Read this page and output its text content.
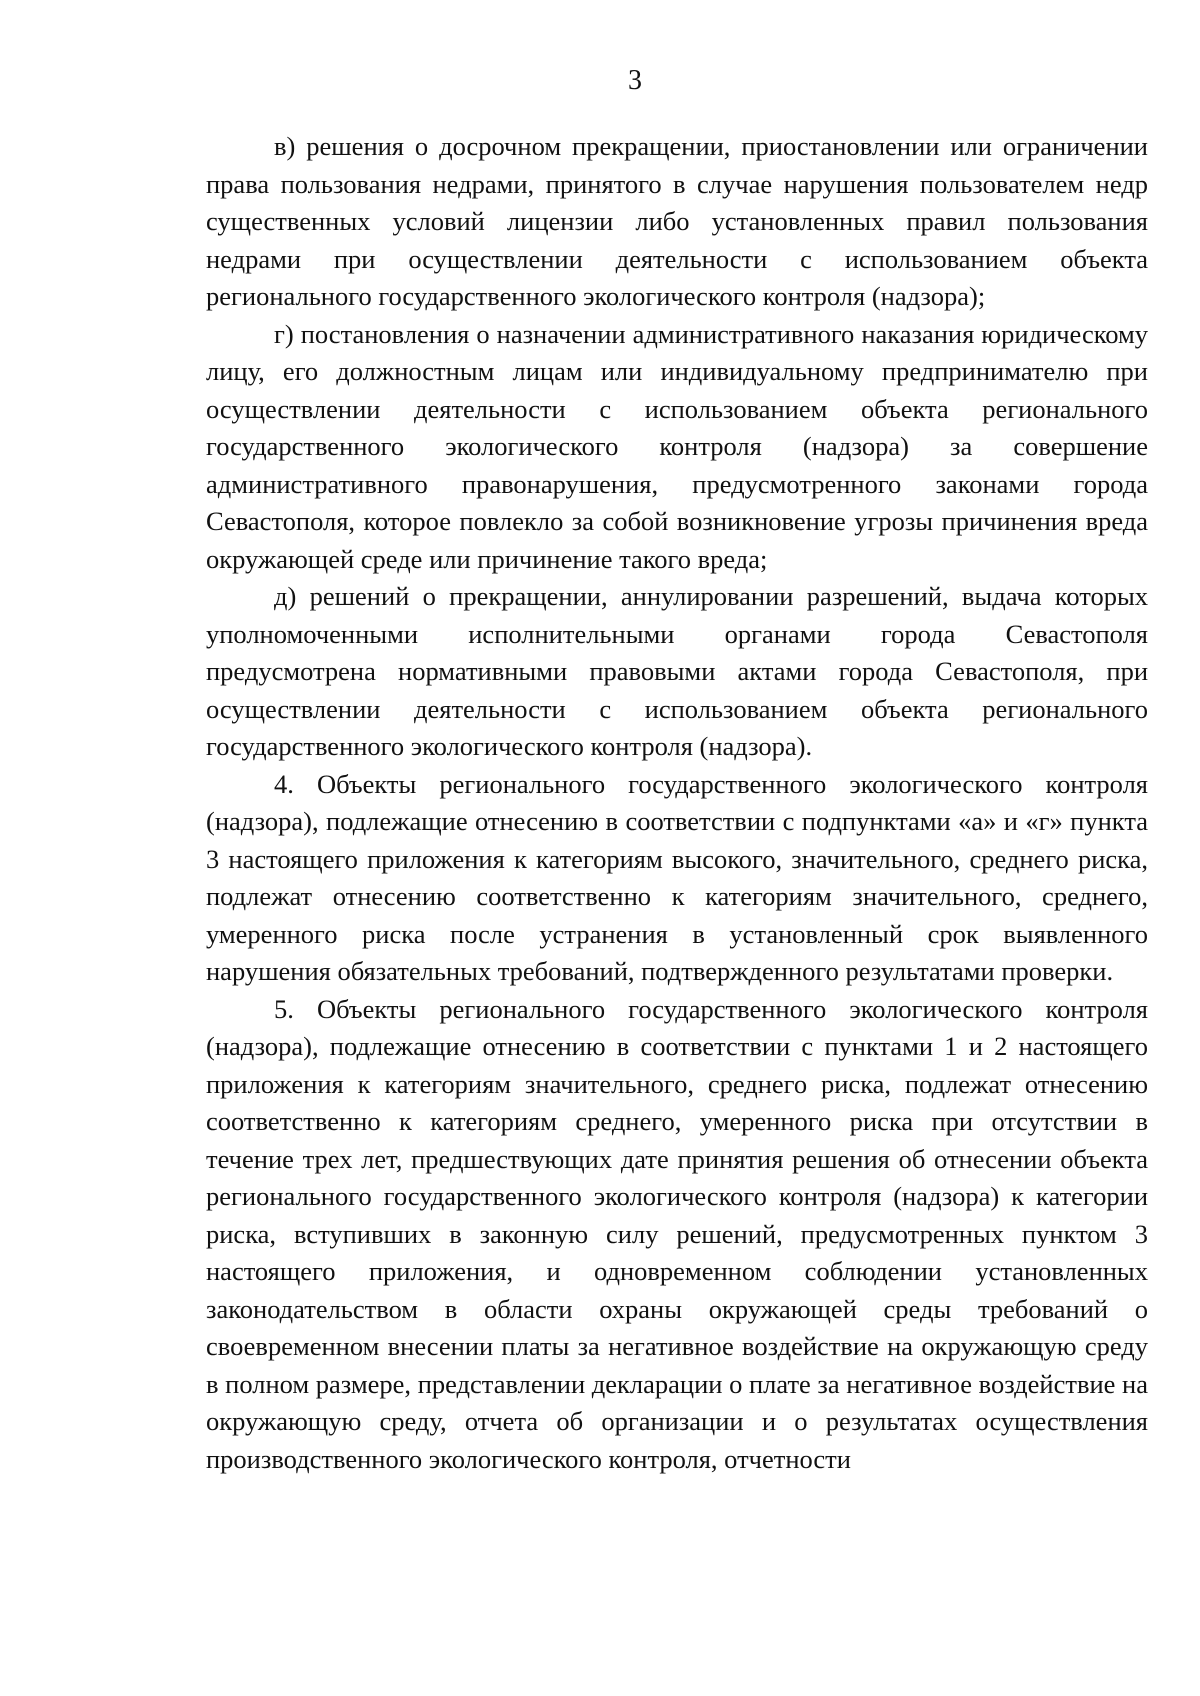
3

в) решения о досрочном прекращении, приостановлении или ограничении права пользования недрами, принятого в случае нарушения пользователем недр существенных условий лицензии либо установленных правил пользования недрами при осуществлении деятельности с использованием объекта регионального государственного экологического контроля (надзора);

г) постановления о назначении административного наказания юридическому лицу, его должностным лицам или индивидуальному предпринимателю при осуществлении деятельности с использованием объекта регионального государственного экологического контроля (надзора) за совершение административного правонарушения, предусмотренного законами города Севастополя, которое повлекло за собой возникновение угрозы причинения вреда окружающей среде или причинение такого вреда;

д) решений о прекращении, аннулировании разрешений, выдача которых уполномоченными исполнительными органами города Севастополя предусмотрена нормативными правовыми актами города Севастополя, при осуществлении деятельности с использованием объекта регионального государственного экологического контроля (надзора).

4. Объекты регионального государственного экологического контроля (надзора), подлежащие отнесению в соответствии с подпунктами «а» и «г» пункта 3 настоящего приложения к категориям высокого, значительного, среднего риска, подлежат отнесению соответственно к категориям значительного, среднего, умеренного риска после устранения в установленный срок выявленного нарушения обязательных требований, подтвержденного результатами проверки.

5. Объекты регионального государственного экологического контроля (надзора), подлежащие отнесению в соответствии с пунктами 1 и 2 настоящего приложения к категориям значительного, среднего риска, подлежат отнесению соответственно к категориям среднего, умеренного риска при отсутствии в течение трех лет, предшествующих дате принятия решения об отнесении объекта регионального государственного экологического контроля (надзора) к категории риска, вступивших в законную силу решений, предусмотренных пунктом 3 настоящего приложения, и одновременном соблюдении установленных законодательством в области охраны окружающей среды требований о своевременном внесении платы за негативное воздействие на окружающую среду в полном размере, представлении декларации о плате за негативное воздействие на окружающую среду, отчета об организации и о результатах осуществления производственного экологического контроля, отчетности
